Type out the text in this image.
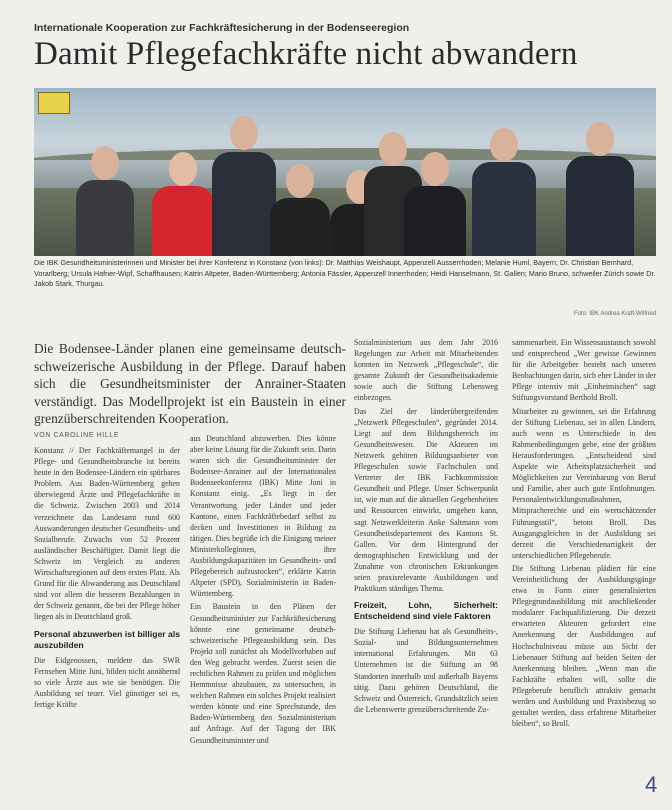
Internationale Kooperation zur Fachkräftesicherung in der Bodenseeregion
Damit Pflegefachkräfte nicht abwandern
Die IBK Gesundheitsministerinnen und Minister bei ihrer Konferenz in Konstanz (von links): Dr. Matthias Weishaupt, Appenzell Ausserrhoden; Melanie Huml, Bayern; Dr. Christian Bernhard, Vorarlberg; Ursula Hafner-Wipf, Schaffhausen; Katrin Altpeter, Baden-Württemberg; Antonia Fässler, Appenzell Innerrhoden; Heidi Hanselmann, St. Gallen; Mario Bruno, schweiler Zürich sowie Dr. Jakob Stark, Thurgau.
Foto: IBK Andrea Kraft-Wilfried
Die Bodensee-Länder planen eine gemeinsame deutsch-schweizerische Ausbildung in der Pflege. Darauf haben sich die Gesundheitsminister der Anrainer-Staaten verständigt. Das Modellprojekt ist ein Baustein in einer grenzüberschreitenden Kooperation.
VON CAROLINE HILLE

Konstanz // Der Fachkräftemangel in der Pflege- und Gesundheitsbranche ist bereits heute in den Bodensee-Ländern ein spürbares Problem. Aus Baden-Württemberg gehen überwiegend Ärzte und Pflegefachkräfte in die Schweiz. Zwischen 2003 und 2014 verzeichnete das Landesamt rund 600 Auswanderungen deutscher Gesundheits- und Sozialberufe. Zuwachs von 52 Prozent ausländischer Beschäftigter. Damit liegt die Schweiz im Vergleich zu anderen Wirtschaftsregionen auf dem ersten Platz. Als Grund für die Abwanderung aus Deutschland sind vor allem die besseren Bezahlungen in der Schweiz genannt, die bei der Pflege höher liegen als in Deutschland groß.

Personal abzuwerben ist billiger als auszubilden

Die Eidgenossen, meldete das SWR Fernsehen Mitte Juni, bilden nicht annähernd so viele Ärzte aus wie sie benötigen. Die Ausbildung sei teuer. Viel günstiger sei es, fertige Kräfte

aus Deutschland abzuwerben. Dies könne aber keine Lösung für die Zukunft sein. Darin waren sich die Gesundheitsminister der Bodensee-Anrainer auf der Internationalen Bodenseekonferenz (IBK) Mitte Juni in Konstanz einig. „Es liegt in der Verantwortung jeder Länder und jeder Kantone, einen Fachkräftebedarf selbst zu decken und Investitionen in Bildung zu tätigen. Dies begrüße ich die Einigung meiner Ministerkolleginnen, ihre Ausbildungskapazitäten im Gesundheits- und Pflegebereich aufzustocken“, erklärte Katrin Altpeter (SPD), Sozialministerin in Baden-Württemberg.

Ein Baustein in den Plänen der Gesundheitsminister zur Fachkräftesicherung könnte eine gemeinsame deutsch-schweizerische Pflegeausbildung sein. Das Projekt soll zunächst als Modellvorhaben auf den Weg gebracht werden. Zuerst seien die rechtlichen Rahmen zu prüfen und möglichen Hemmnisse abzubauen, zu untersuchen, in welchen Rahmen ein solches Projekt realisiert werden könnte und eine Sprechstunde, den Baden-Württemberg den Sozialministerium auf Anfrage. Auf der Tagung der IBK Gesundheitsminister und

Sozialministerium aus dem Jahr 2016 Regelungen zur Arbeit mit Mitarbeitenden konnten im Netzwerk „Pflegeschule“, die gesamte Zukunft der Gesundheitsakademie sowie auch die Stiftung Lebensweg einbezogen.

Das Ziel der länderübergreifenden „Netzwerk Pflegeschulen“, gegründet 2014. Liegt auf dem Bildungsbereich im Gesundheitswesen. Die Akteuren im Netzwerk gehören Bildungsanbieter von Pflegeschulen sowie Fachschulen und Vertreter der IBK Fachkommission Gesundheit und Pflege. Unser Schwerpunkt ist, wie man auf die aktuellen Gegebenheiten und Ressourcen einwirkt, umgehen kann, sagt Netzwerkleiterin Anke Saltmann vom Gesundheitsdepartement des Kantons St. Gallen. Vor dem Hintergrund der demographischen Entwicklung und der Zunahme von chronischen Erkrankungen seien praxisrelevante Ausbildungen und Praktikum ständiges Thema.

Freizeit, Lohn, Sicherheit: Entscheidend sind viele Faktoren

Die Stiftung Liebenau hat als Gesundheits-, Sozial- und Bildungsunternehmen international Erfahrungen. Mit 63 Unternehmen ist die Stiftung an 98 Standorten innerhalb und außerhalb Bayerns tätig. Dazu gehören Deutschland, die Schweiz und Österreich. Grundsätzlich seien die Lebenswerte grenzüberschreitende Zu-

sammenarbeit. Ein Wissensaustausch sowohl und entsprechend „Wer gewisse Gewinnen für die Arbeitgeber besteht nach unseren Beobachtungen darin, sich eher Länder in der Pflege intensiv mit „Einheimischen“ sagt Stiftungsvorstand Berthold Broll.

Mitarbeiter zu gewinnen, sei die Erfahrung der Stiftung Liebenau, sei in allen Ländern, auch wenn es Unterschiede in den Rahmenbedingungen gebe, eine der größten Herausforderungen. „Entscheidend sind Aspekte wie Arbeitsplatzsicherheit und Möglichkeiten zur Vereinbarung von Beruf und Familie, aber auch gute Entlohnungen. Personalentwicklungsmaßnahmen, Mitspracherechte und ein wertschätzender Führungsstil“, betont Broll. Das Ausgangsgleichen in der Ausbildung sei derzeit die Verschiedenartigkeit der unterschiedlichen Pflegeberufe.

Die Stiftung Liebenau plädiert für eine Vereinheitlichung der Ausbildungsgänge etwa in Form einer generalisierten Pflegegrundausbildung mit anschließender modularer Fachqualifizierung. Die derzeit erwarteten Akteuren gefordert eine Anerkennung der Ausbildungen auf Hochschulniveau müsse aus Sicht der Liebenauer Stiftung auf beiden Seiten der Anerkennung bleiben. „Wenn man die Fachkräfte erhalten will, sollte die Pflegeberufe beruflich attraktiv gemacht werden und Ausbildung und Praxisbezug so gestaltet werden, dass erfahrene Mitarbeiter bleiben“, so Broll.

4
